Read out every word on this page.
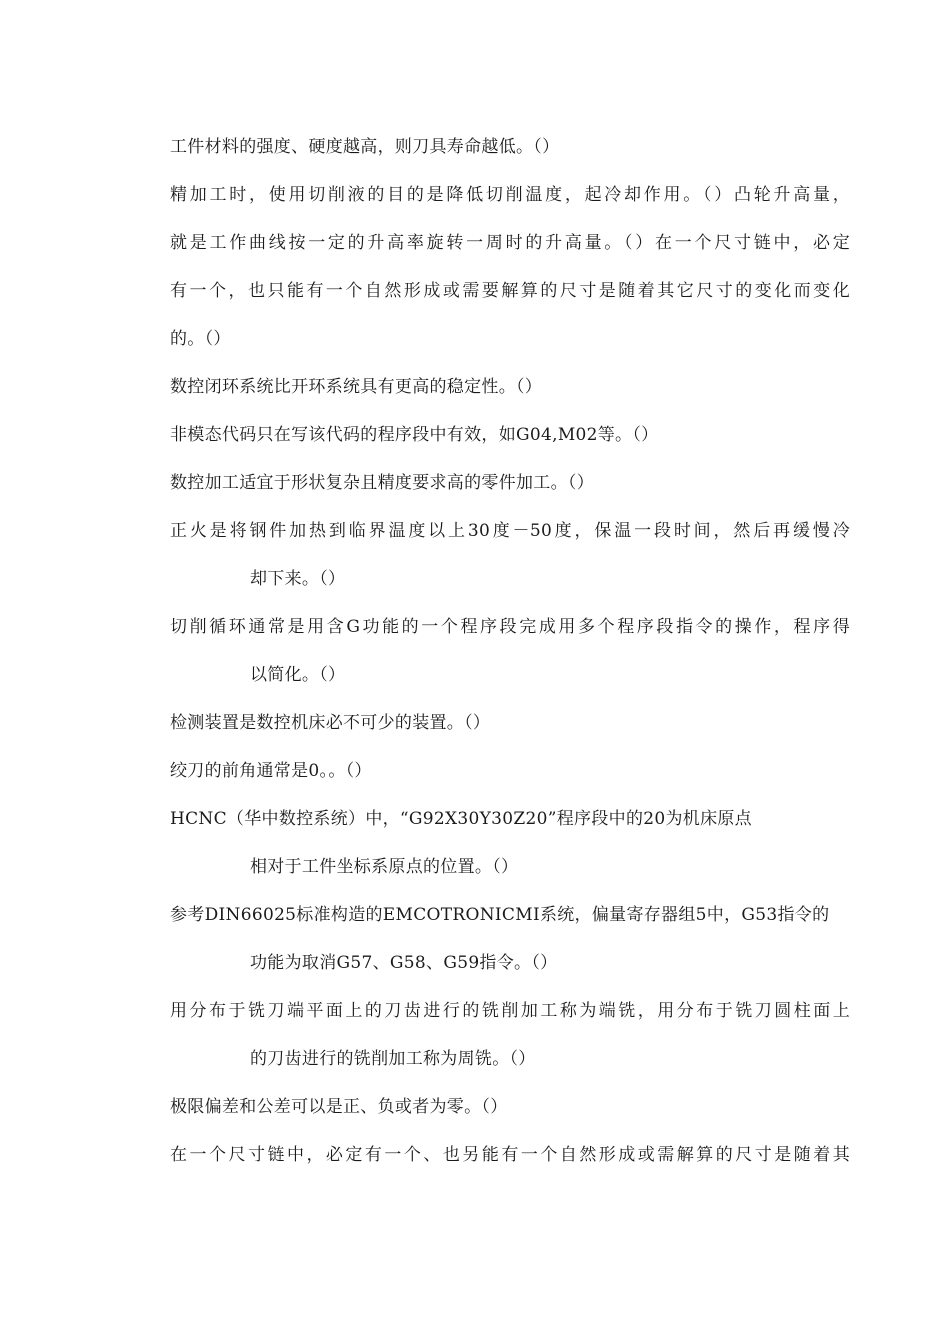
工件材料的强度、硬度越高，则刀具寿命越低。（）
精加工时，使用切削液的目的是降低切削温度，起冷却作用。（）凸轮升高量，
就是工作曲线按一定的升高率旋转一周时的升高量。（）在一个尺寸链中，必定
有一个，也只能有一个自然形成或需要解算的尺寸是随着其它尺寸的变化而变化
的。（）
数控闭环系统比开环系统具有更高的稳定性。（）
非模态代码只在写该代码的程序段中有效，如G04,M02等。（）
数控加工适宜于形状复杂且精度要求高的零件加工。（）
正火是将钢件加热到临界温度以上30度－50度，保温一段时间，然后再缓慢冷
却下来。（）
切削循环通常是用含G功能的一个程序段完成用多个程序段指令的操作，程序得
以简化。（）
检测装置是数控机床必不可少的装置。（）
绞刀的前角通常是0。。（）
HCNC（华中数控系统）中，“G92X30Y30Z20”程序段中的20为机床原点
相对于工件坐标系原点的位置。（）
参考DIN66025标准构造的EMCOTRONICMI系统，偏量寄存器组5中，G53指令的
功能为取消G57、G58、G59指令。（）
用分布于铣刀端平面上的刀齿进行的铣削加工称为端铣，用分布于铣刀圆柱面上
的刀齿进行的铣削加工称为周铣。（）
极限偏差和公差可以是正、负或者为零。（）
在一个尺寸链中，必定有一个、也另能有一个自然形成或需解算的尺寸是随着其
